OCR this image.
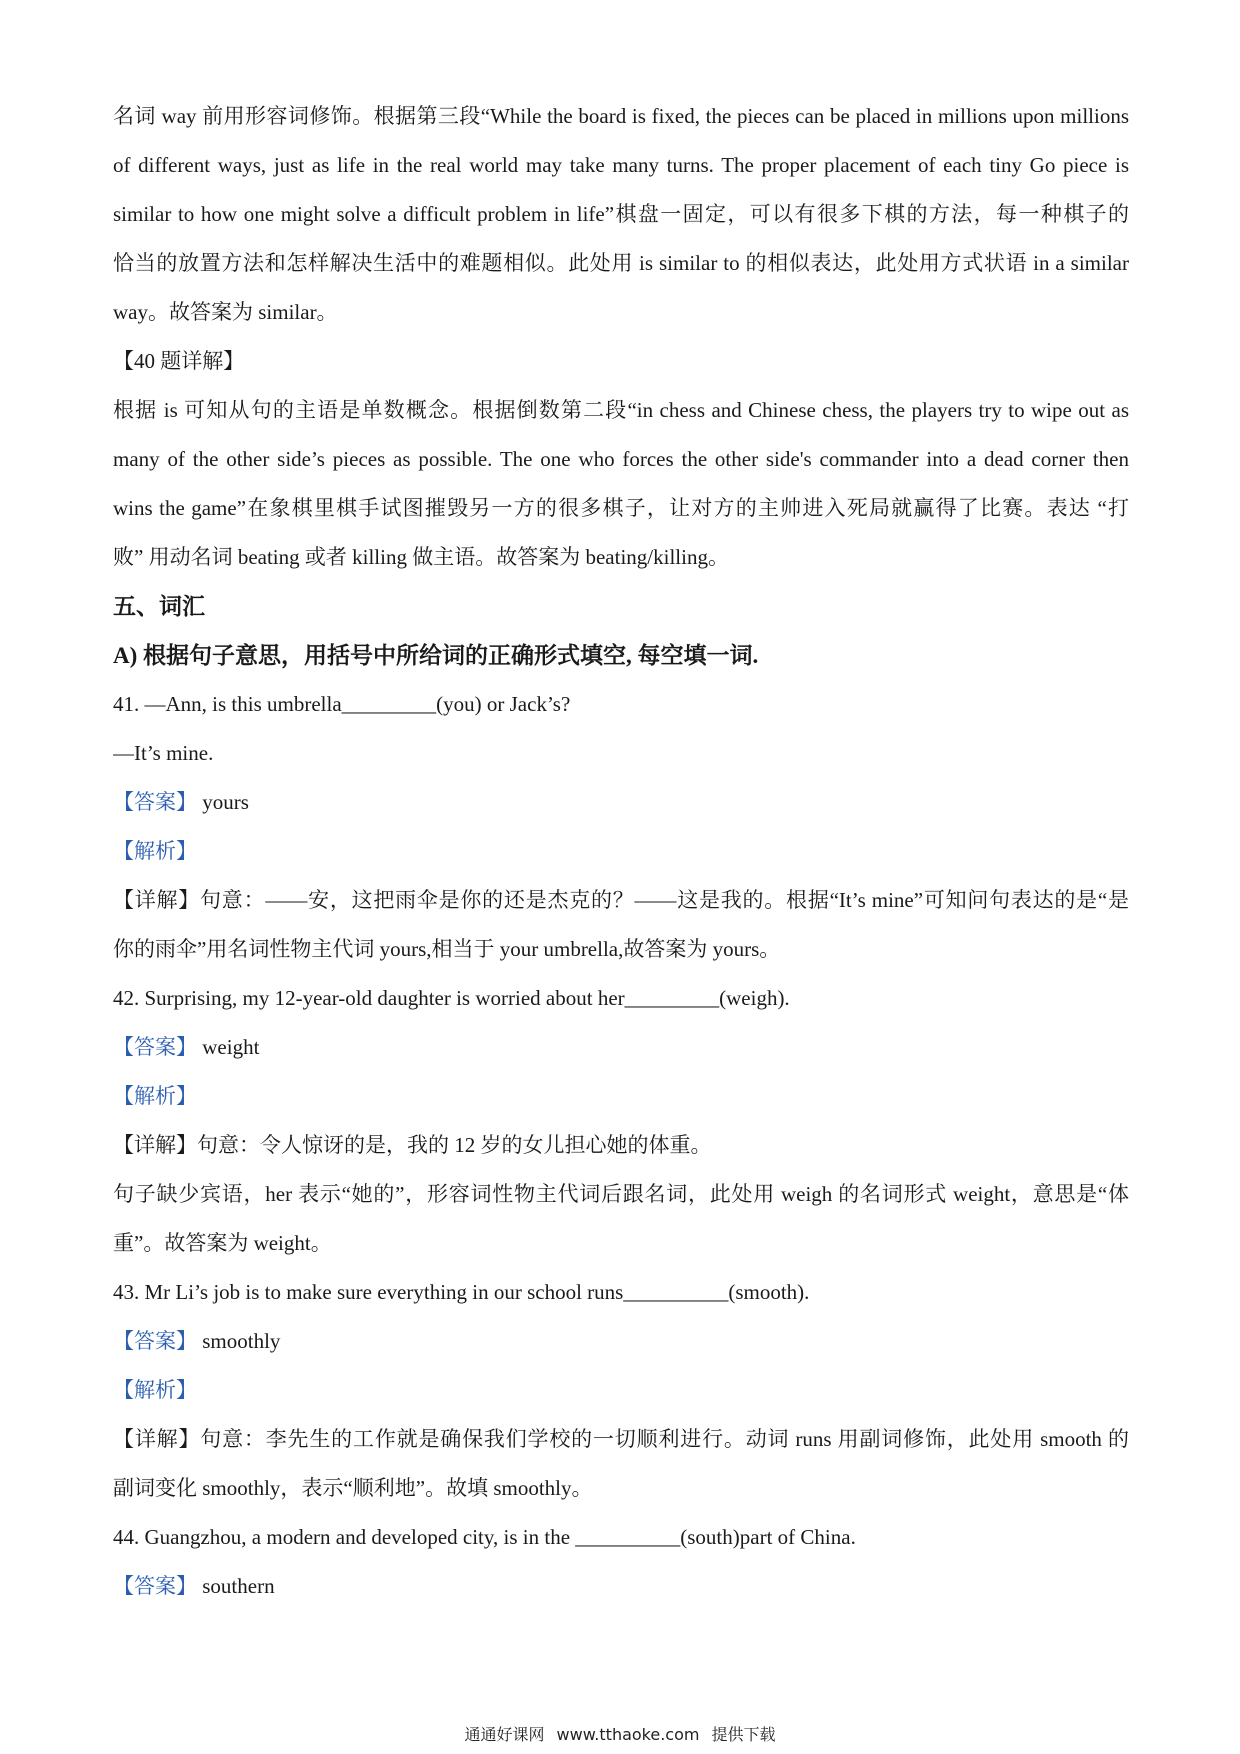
名词 way 前用形容词修饰。根据第三段“While the board is fixed, the pieces can be placed in millions upon millions
of different ways, just as life in the real world may take many turns. The proper placement of each tiny Go piece is
similar to how one might solve a difficult problem in life”棋盘一固定，可以有很多下棋的方法，每一种棋子的
恰当的放置方法和怎样解决生活中的难题相似。此处用 is similar to 的相似表达，此处用方式状语 in a similar
way。故答案为 similar。
【40 题详解】
根据 is 可知从句的主语是单数概念。根据倒数第二段“in chess and Chinese chess, the players try to wipe out as
many of the other side’s pieces as possible. The one who forces the other side's commander into a dead corner then
wins the game”在象棋里棋手试图摧毁另一方的很多棋子，让对方的主帅进入死局就赢得了比赛。表达 “打
败” 用动名词 beating 或者 killing 做主语。故答案为 beating/killing。
五、词汇
A) 根据句子意思，用括号中所给词的正确形式填空, 每空填一词.
41. —Ann, is this umbrella_________(you) or Jack’s?
—It’s mine.
【答案】 yours
【解析】
【详解】句意：——安，这把雨伞是你的还是杰克的？——这是我的。根据“It’s mine”可知问句表达的是“是
你的雨伞”用名词性物主代词 yours,相当于 your umbrella,故答案为 yours。
42. Surprising, my 12-year-old daughter is worried about her_________(weigh).
【答案】 weight
【解析】
【详解】句意：令人惊讶的是，我的 12 岁的女儿担心她的体重。
句子缺少宾语，her 表示“她的”，形容词性物主代词后跟名词，此处用 weigh 的名词形式 weight，意思是“体
重”。故答案为 weight。
43. Mr Li’s job is to make sure everything in our school runs__________(smooth).
【答案】 smoothly
【解析】
【详解】句意：李先生的工作就是确保我们学校的一切顺利进行。动词 runs 用副词修饰，此处用 smooth 的
副词变化 smoothly，表示“顺利地”。故填 smoothly。
44. Guangzhou, a modern and developed city, is in the __________(south)part of China.
【答案】 southern
通通好课网 www.tthaoke.com 提供下载
